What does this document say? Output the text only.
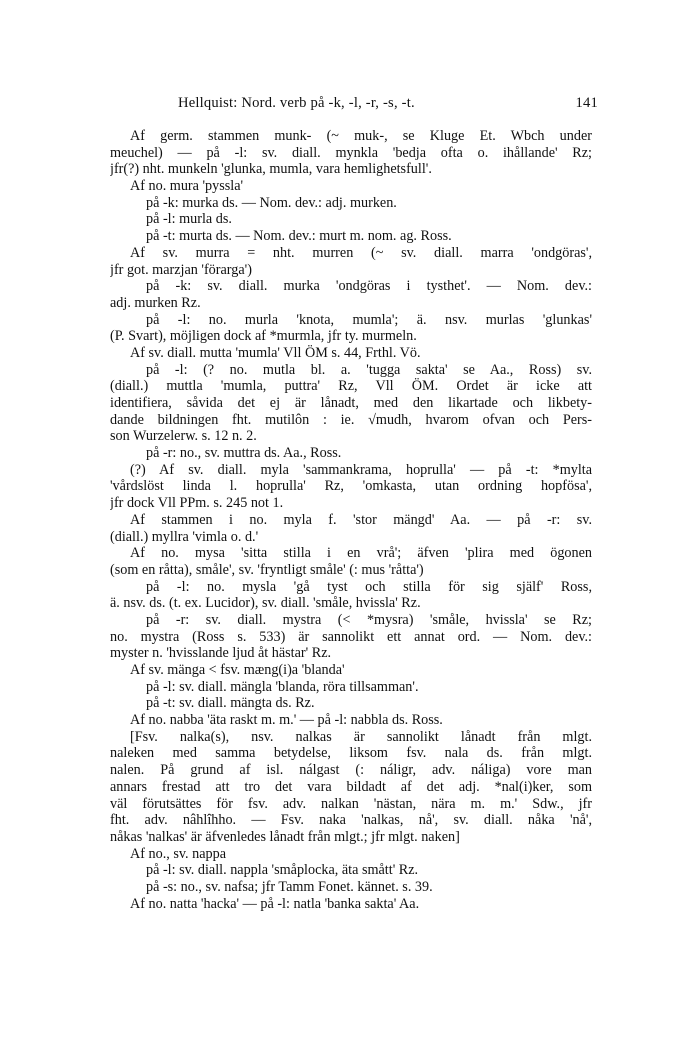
Hellquist: Nord. verb på -k, -l, -r, -s, -t.	141
Af germ. stammen munk- (~ muk-, se Kluge Et. Wbch under
meuchel) — på -l: sv. diall. mynkla 'bedja ofta o. ihållande' Rz;
jfr(?) nht. munkeln 'glunka, mumla, vara hemlighetsfull'.
Af no. mura 'pyssla'
på -k: murka ds. — Nom. dev.: adj. murken.
på -l: murla ds.
på -t: murta ds. — Nom. dev.: murt m. nom. ag. Ross.
Af sv. murra = nht. murren (~ sv. diall. marra 'ondgöras',
jfr got. marzjan 'förarga')
på -k: sv. diall. murka 'ondgöras i tysthet'. — Nom. dev.:
adj. murken Rz.
på -l: no. murla 'knota, mumla'; ä. nsv. murlas 'glunkas'
(P. Svart), möjligen dock af *murmla, jfr ty. murmeln.
Af sv. diall. mutta 'mumla' Vll ÖM s. 44, Frthl. Vö.
på -l: (? no. mutla bl. a. 'tugga sakta' se Aa., Ross) sv.
(diall.) muttla 'mumla, puttra' Rz, Vll ÖM. Ordet är icke att
identifiera, såvida det ej är lånadt, med den likartade och likbety-
dande bildningen fht. mutilôn : ie. √mudh, hvarom ofvan och Pers-
son Wurzelerw. s. 12 n. 2.
på -r: no., sv. muttra ds. Aa., Ross.
(?) Af sv. diall. myla 'sammankrama, hoprulla' — på -t: *mylta
'vårdslöst linda l. hoprulla' Rz, 'omkasta, utan ordning hopfösa',
jfr dock Vll PPm. s. 245 not 1.
Af stammen i no. myla f. 'stor mängd' Aa. — på -r: sv.
(diall.) myllra 'vimla o. d.'
Af no. mysa 'sitta stilla i en vrå'; äfven 'plira med ögonen
(som en råtta), småle', sv. 'fryntligt småle' (: mus 'råtta')
på -l: no. mysla 'gå tyst och stilla för sig själf' Ross,
ä. nsv. ds. (t. ex. Lucidor), sv. diall. 'småle, hvissla' Rz.
på -r: sv. diall. mystra (< *mysra) 'småle, hvissla' se Rz;
no. mystra (Ross s. 533) är sannolikt ett annat ord. — Nom. dev.:
myster n. 'hvisslande ljud åt hästar' Rz.
Af sv. mänga < fsv. mæng(i)a 'blanda'
på -l: sv. diall. mängla 'blanda, röra tillsamman'.
på -t: sv. diall. mängta ds. Rz.
Af no. nabba 'äta raskt m. m.' — på -l: nabbla ds. Ross.
[Fsv. nalka(s), nsv. nalkas är sannolikt lånadt från mlgt.
naleken med samma betydelse, liksom fsv. nala ds. från mlgt.
nalen. På grund af isl. nálgast (: náligr, adv. náliga) vore man
annars frestad att tro det vara bildadt af det adj. *nal(i)ker, som
väl förutsättes för fsv. adv. nalkan 'nästan, nära m. m.' Sdw., jfr
fht. adv. nâhlîhho. — Fsv. naka 'nalkas, nå', sv. diall. nåka 'nå',
nåkas 'nalkas' är äfvenledes lånadt från mlgt.; jfr mlgt. naken]
Af no., sv. nappa
på -l: sv. diall. nappla 'småplocka, äta smått' Rz.
på -s: no., sv. nafsa; jfr Tamm Fonet. kännet. s. 39.
Af no. natta 'hacka' — på -l: natla 'banka sakta' Aa.
